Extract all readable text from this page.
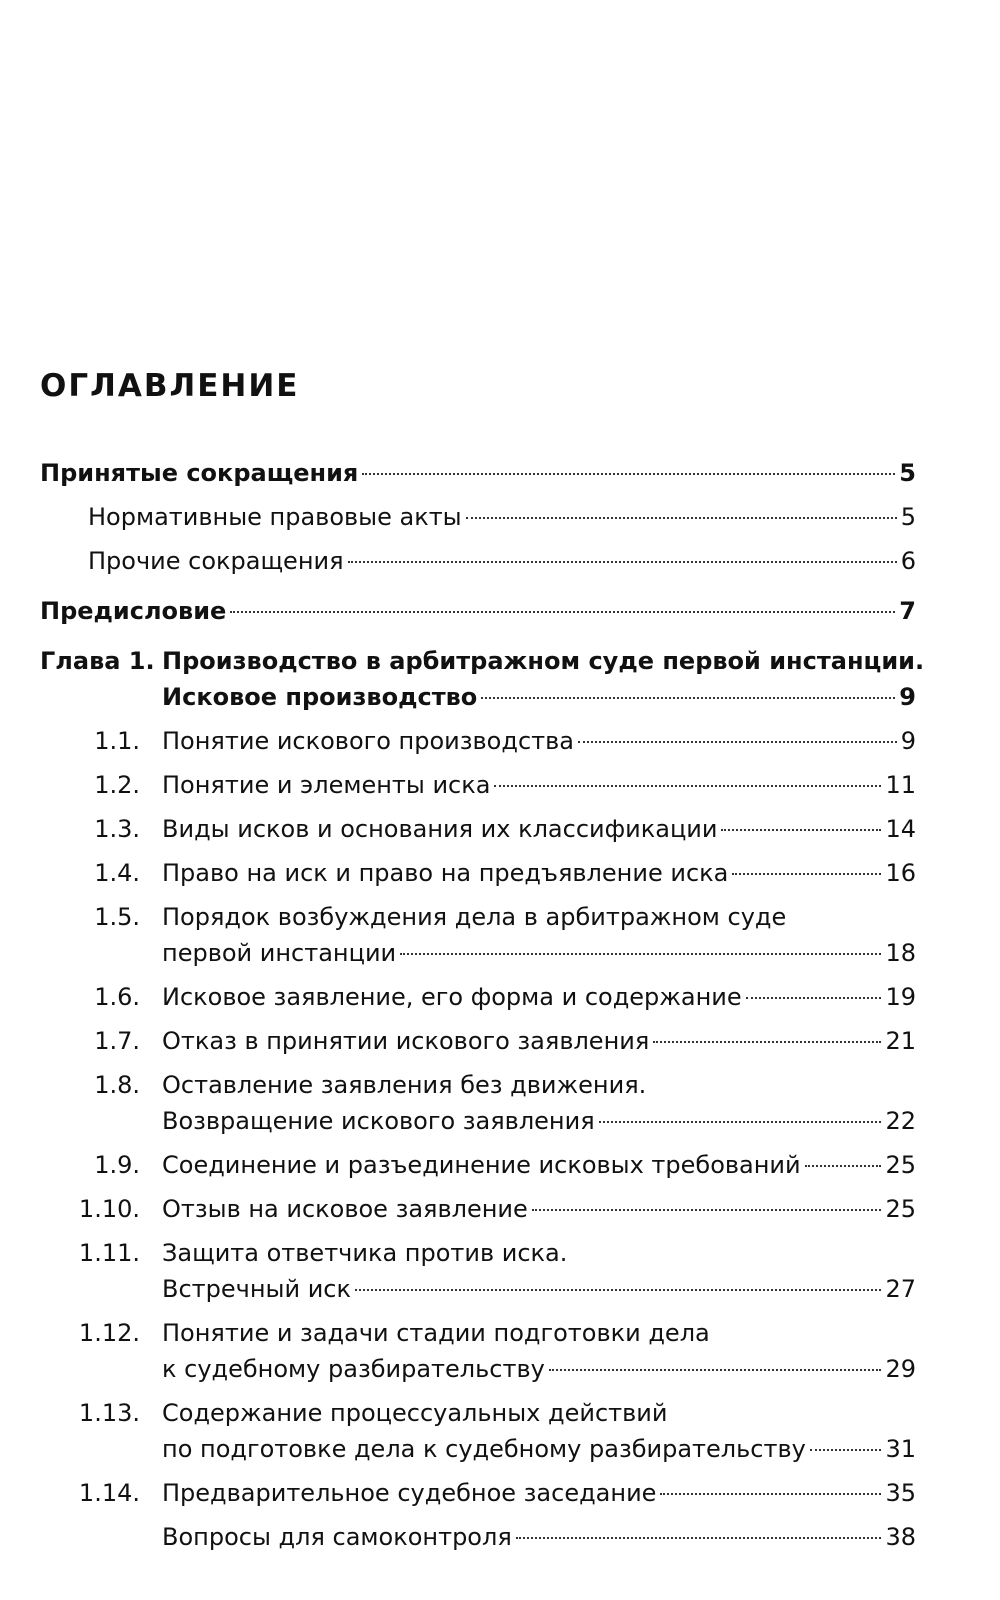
ОГЛАВЛЕНИЕ
Принятые сокращения	5
Нормативные правовые акты	5
Прочие сокращения	6
Предисловие	7
Глава 1. Производство в арбитражном суде первой инстанции.
Исковое производство	9
1.1. Понятие искового производства	9
1.2. Понятие и элементы иска	11
1.3. Виды исков и основания их классификации	14
1.4. Право на иск и право на предъявление иска	16
1.5. Порядок возбуждения дела в арбитражном суде
первой инстанции	18
1.6. Исковое заявление, его форма и содержание	19
1.7. Отказ в принятии искового заявления	21
1.8. Оставление заявления без движения.
Возвращение искового заявления	22
1.9. Соединение и разъединение исковых требований	25
1.10. Отзыв на исковое заявление	25
1.11. Защита ответчика против иска.
Встречный иск	27
1.12. Понятие и задачи стадии подготовки дела
к судебному разбирательству	29
1.13. Содержание процессуальных действий
по подготовке дела к судебному разбирательству	31
1.14. Предварительное судебное заседание	35
Вопросы для самоконтроля	38
